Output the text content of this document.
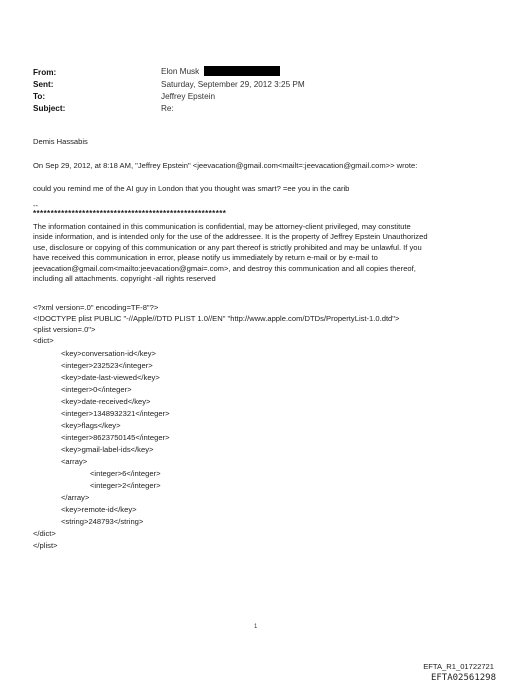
From:	Elon Musk
Sent:	Saturday, September 29, 2012 3:25 PM
To:	Jeffrey Epstein
Subject:	Re:
Demis Hassabis
On Sep 29, 2012, at 8:18 AM, "Jeffrey Epstein" <jeevacation@gmail.com<mailt=:jeevacation@gmail.com>> wrote:
could you remind me of the AI guy in London that you thought was smart? =ee you in the carib
--
*******************************************************
The information contained in this communication is confidential, may be attorney-client privileged, may constitute
inside information, and is intended only for the use of the addressee. It is the property of Jeffrey Epstein Unauthorized
use, disclosure or copying of this communication or any part thereof is strictly prohibited and may be unlawful. If you
have received this communication in error, please notify us immediately by return e-mail or by e-mail to
jeevacation@gmail.com<mailto:jeevacation@gmai=.com>, and destroy this communication and all copies thereof,
including all attachments. copyright -all rights reserved
<?xml version=.0" encoding=TF-8"?>
<!DOCTYPE plist PUBLIC "-//Apple//DTD PLIST 1.0//EN" "http://www.apple.com/DTDs/PropertyList-1.0.dtd">
<plist version=.0">
<dict>
<key>conversation-id</key>
<integer>232523</integer>
<key>date-last-viewed</key>
<integer>0</integer>
<key>date-received</key>
<integer>1348932321</integer>
<key>flags</key>
<integer>8623750145</integer>
<key>gmail-label-ids</key>
<array>
<integer>6</integer>
<integer>2</integer>
</array>
<key>remote-id</key>
<string>248793</string>
</dict>
</plist>
1
EFTA_R1_01722721
EFTA02561298
